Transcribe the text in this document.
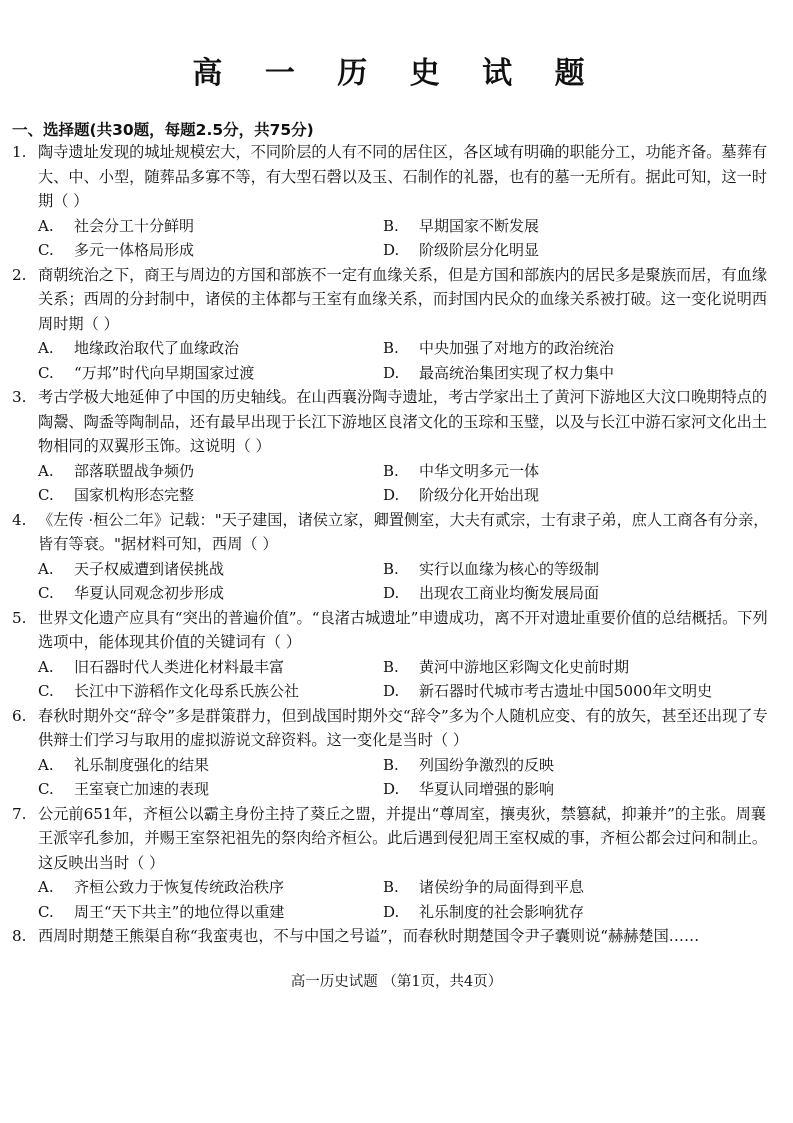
高 一 历 史 试 题
一、选择题(共30题，每题2.5分，共75分)

1. 陶寺遗址发现的城址规模宏大，不同阶层的人有不同的居住区，各区域有明确的职能分工，功能齐备。墓葬有大、中、小型，随葬品多寡不等，有大型石磬以及玉、石制作的礼器，也有的墓一无所有。据此可知，这一时期（ ）

A. 社会分工十分鲜明	B. 早期国家不断发展
C. 多元一体格局形成	D. 阶级阶层分化明显

2. 商朝统治之下，商王与周边的方国和部族不一定有血缘关系，但是方国和部族内的居民多是聚族而居，有血缘关系；西周的分封制中，诸侯的主体都与王室有血缘关系，而封国内民众的血缘关系被打破。这一变化说明西周时期（ ）

A. 地缘政治取代了血缘政治	B. 中央加强了对地方的政治统治
C. “万邦”时代向早期国家过渡	D. 最高统治集团实现了权力集中

3. 考古学极大地延伸了中国的历史轴线。在山西襄汾陶寺遗址，考古学家出土了黄河下游地区大汶口晚期特点的陶鬶、陶盉等陶制品，还有最早出现于长江下游地区良渚文化的玉琮和玉璧，以及与长江中游石家河文化出土物相同的双翼形玉饰。这说明（ ）

A. 部落联盟战争频仍	B. 中华文明多元一体
C. 国家机构形态完整	D. 阶级分化开始出现

4. 《左传 ·桓公二年》记载："天子建国，诸侯立家，卿置侧室，大夫有贰宗，士有隶子弟，庶人工商各有分亲，皆有等衰。"据材料可知，西周（ ）

A. 天子权威遭到诸侯挑战	B. 实行以血缘为核心的等级制
C. 华夏认同观念初步形成	D. 出现农工商业均衡发展局面

5. 世界文化遗产应具有“突出的普遍价值”。“良渚古城遗址”申遗成功，离不开对遗址重要价值的总结概括。下列选项中，能体现其价值的关键词有（ ）

A. 旧石器时代人类进化材料最丰富	B. 黄河中游地区彩陶文化史前时期
C. 长江中下游稻作文化母系氏族公社	D. 新石器时代城市考古遗址中国5000年文明史

6. 春秋时期外交“辞令”多是群策群力，但到战国时期外交“辞令”多为个人随机应变、有的放矢，甚至还出现了专供辩士们学习与取用的虚拟游说文辞资料。这一变化是当时（ ）

A. 礼乐制度强化的结果	B. 列国纷争激烈的反映
C. 王室衰亡加速的表现	D. 华夏认同增强的影响

7. 公元前651年，齐桓公以霸主身份主持了葵丘之盟，并提出“尊周室，攘夷狄，禁篡弑，抑兼并”的主张。周襄王派宰孔参加，并赐王室祭祀祖先的祭肉给齐桓公。此后遇到侵犯周王室权威的事，齐桓公都会过问和制止。这反映出当时（ ）

A. 齐桓公致力于恢复传统政治秩序	B. 诸侯纷争的局面得到平息
C. 周王“天下共主”的地位得以重建	D. 礼乐制度的社会影响犹存

8. 西周时期楚王熊渠自称“我蛮夷也，不与中国之号谥”，而春秋时期楚国令尹子囊则说“赫赫楚国……

高一历史试题 （第1页，共4页）
